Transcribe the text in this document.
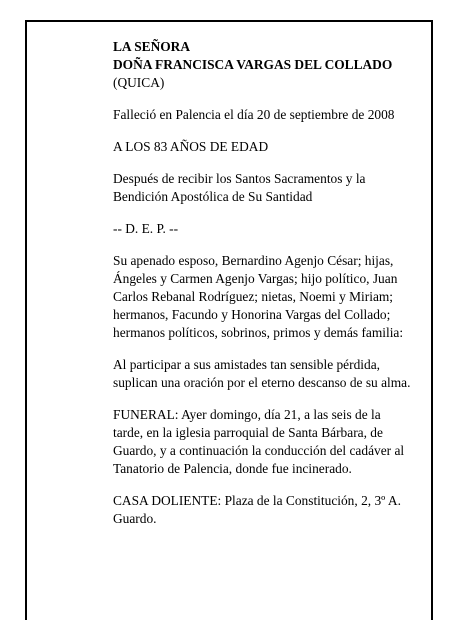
LA SEÑORA

DOÑA FRANCISCA VARGAS DEL COLLADO

(QUICA)

Falleció en Palencia el día 20 de septiembre de 2008

A LOS 83 AÑOS DE EDAD

Después de recibir los Santos Sacramentos y la Bendición Apostólica de Su Santidad

-- D. E. P. --

Su apenado esposo, Bernardino Agenjo César; hijas, Ángeles y Carmen Agenjo Vargas; hijo político, Juan Carlos Rebanal Rodríguez; nietas, Noemi y Miriam; hermanos, Facundo y Honorina Vargas del Collado; hermanos políticos, sobrinos, primos y demás familia:

Al participar a sus amistades tan sensible pérdida, suplican una oración por el eterno descanso de su alma.

FUNERAL: Ayer domingo, día 21, a las seis de la tarde, en la iglesia parroquial de Santa Bárbara, de Guardo, y a continuación la conducción del cadáver al Tanatorio de Palencia, donde fue incinerado.

CASA DOLIENTE: Plaza de la Constitución, 2, 3º A. Guardo.
